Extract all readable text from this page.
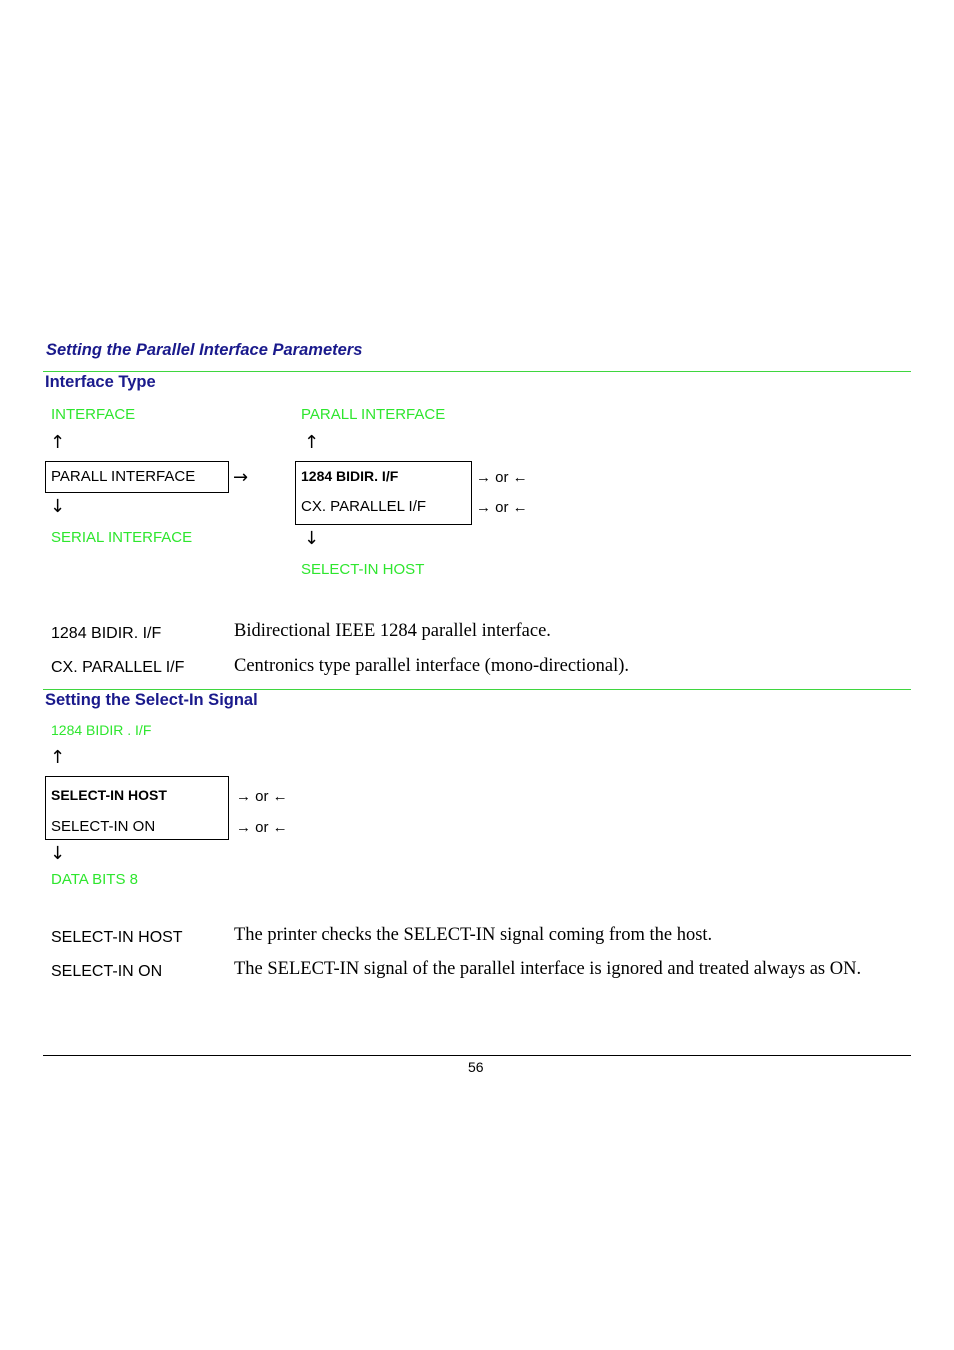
Setting the Parallel Interface Parameters
Interface Type
INTERFACE
↑
PARALL INTERFACE →
↓
SERIAL INTERFACE
PARALL INTERFACE
↑
1284 BIDIR. I/F
CX. PARALLEL I/F
→ or ←
→ or ←
↓
SELECT-IN HOST
1284 BIDIR. I/F	Bidirectional IEEE 1284 parallel interface.
CX. PARALLEL I/F	Centronics type parallel interface (mono-directional).
Setting the Select-In Signal
1284 BIDIR . I/F
↑
SELECT-IN HOST
SELECT-IN ON
→ or ←
→ or ←
↓
DATA BITS 8
SELECT-IN HOST	The printer checks the SELECT-IN signal coming from the host.
SELECT-IN ON	The SELECT-IN signal of the parallel interface is ignored and treated always as ON.
56
